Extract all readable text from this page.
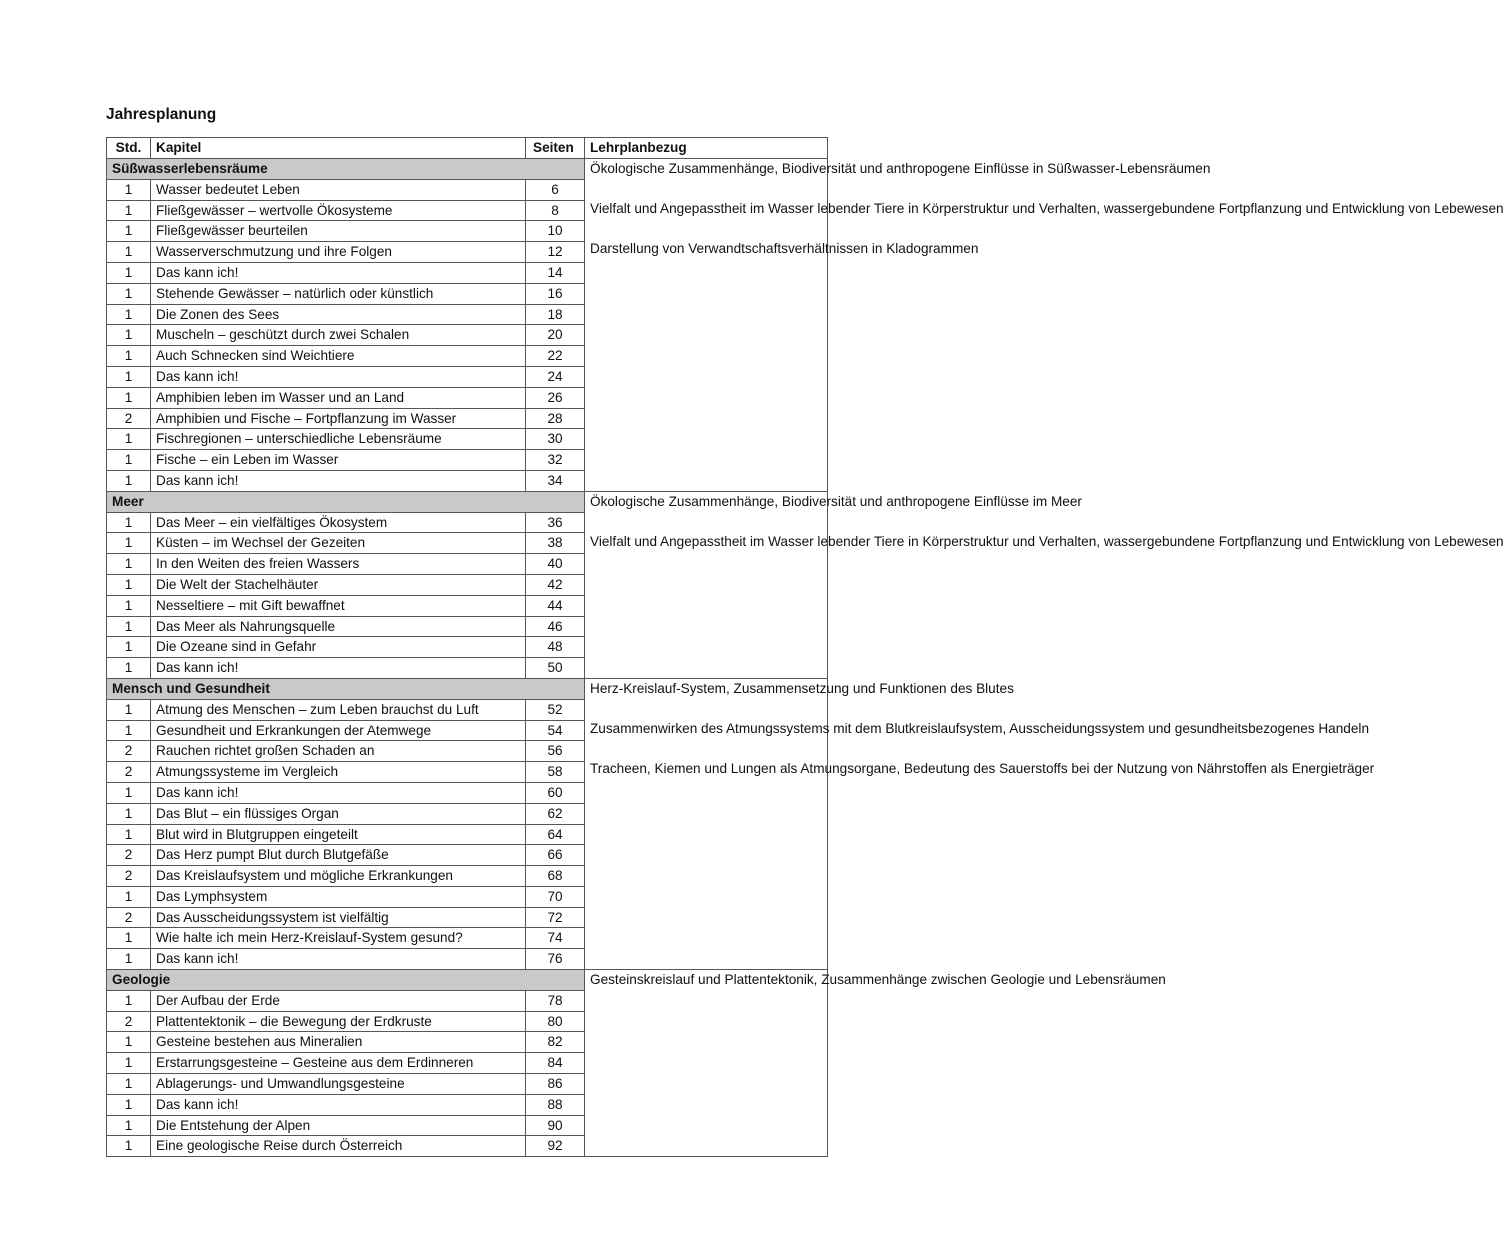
Jahresplanung
Std.	Kapitel	Seiten	Lehrplanbezug
Süßwasserlebensräume			Ökologische Zusammenhänge, Biodiversität und anthropogene Einflüsse in Süßwasser-Lebensräumen
Vielfalt und Angepasstheit im Wasser lebender Tiere in Körperstruktur und Verhalten, wassergebundene Fortpflanzung und Entwicklung von Lebewesen
Darstellung von Verwandtschaftsverhältnissen in Kladogrammen

1	Wasser bedeutet Leben	6	
1	Fließgewässer – wertvolle Ökosysteme	8	
1	Fließgewässer beurteilen	10	
1	Wasserverschmutzung und ihre Folgen	12	
1	Das kann ich!	14	
1	Stehende Gewässer – natürlich oder künstlich	16	
1	Die Zonen des Sees	18	
1	Muscheln – geschützt durch zwei Schalen	20	
1	Auch Schnecken sind Weichtiere	22	
1	Das kann ich!	24	
1	Amphibien leben im Wasser und an Land	26	
2	Amphibien und Fische – Fortpflanzung im Wasser	28	
1	Fischregionen – unterschiedliche Lebensräume	30	
1	Fische – ein Leben im Wasser	32	
1	Das kann ich!	34	
Meer			Ökologische Zusammenhänge, Biodiversität und anthropogene Einflüsse im Meer
Vielfalt und Angepasstheit im Wasser lebender Tiere in Körperstruktur und Verhalten, wassergebundene Fortpflanzung und Entwicklung von Lebewesen

1	Das Meer – ein vielfältiges Ökosystem	36	
1	Küsten – im Wechsel der Gezeiten	38	
1	In den Weiten des freien Wassers	40	
1	Die Welt der Stachelhäuter	42	
1	Nesseltiere – mit Gift bewaffnet	44	
1	Das Meer als Nahrungsquelle	46	
1	Die Ozeane sind in Gefahr	48	
1	Das kann ich!	50	
Mensch und Gesundheit			Herz-Kreislauf-System, Zusammensetzung und Funktionen des Blutes
Zusammenwirken des Atmungssystems mit dem Blutkreislaufsystem, Ausscheidungssystem und gesundheitsbezogenes Handeln
Tracheen, Kiemen und Lungen als Atmungsorgane, Bedeutung des Sauerstoffs bei der Nutzung von Nährstoffen als Energieträger

1	Atmung des Menschen – zum Leben brauchst du Luft	52	
1	Gesundheit und Erkrankungen der Atemwege	54	
2	Rauchen richtet großen Schaden an	56	
2	Atmungssysteme im Vergleich	58	
1	Das kann ich!	60	
1	Das Blut – ein flüssiges Organ	62	
1	Blut wird in Blutgruppen eingeteilt	64	
2	Das Herz pumpt Blut durch Blutgefäße	66	
2	Das Kreislaufsystem und mögliche Erkrankungen	68	
1	Das Lymphsystem	70	
2	Das Ausscheidungssystem ist vielfältig	72	
1	Wie halte ich mein Herz-Kreislauf-System gesund?	74	
1	Das kann ich!	76	
Geologie			Gesteinskreislauf und Plattentektonik, Zusammenhänge zwischen Geologie und Lebensräumen

1	Der Aufbau der Erde	78	
2	Plattentektonik – die Bewegung der Erdkruste	80	
1	Gesteine bestehen aus Mineralien	82	
1	Erstarrungsgesteine – Gesteine aus dem Erdinneren	84	
1	Ablagerungs- und Umwandlungsgesteine	86	
1	Das kann ich!	88	
1	Die Entstehung der Alpen	90	
1	Eine geologische Reise durch Österreich	92	
